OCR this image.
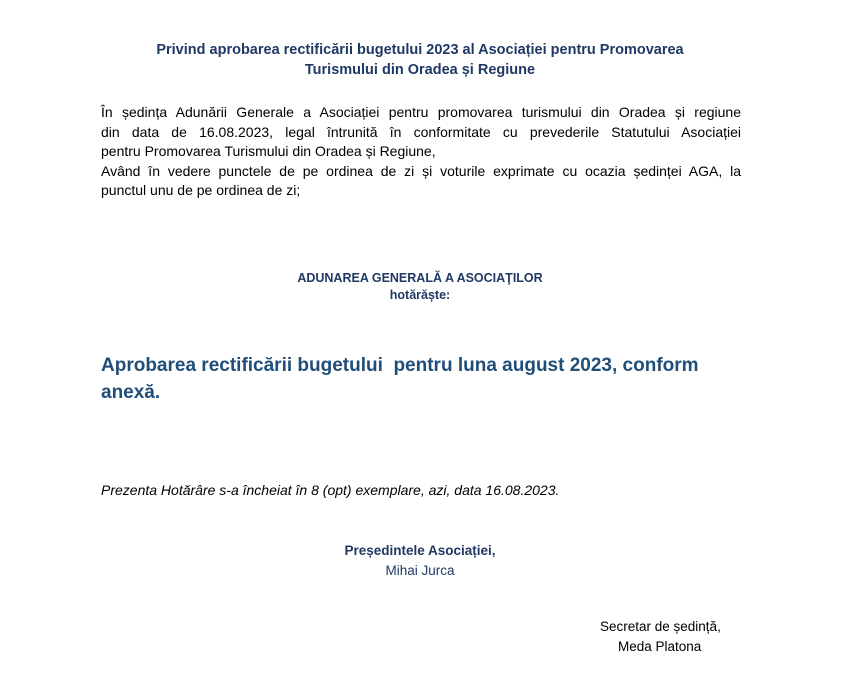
Privind aprobarea rectificării bugetului 2023 al Asociației pentru Promovarea
Turismului din Oradea și Regiune
În ședința Adunării Generale a Asociației pentru promovarea turismului din Oradea și regiune
din data de 16.08.2023, legal întrunită în conformitate cu prevederile Statutului Asociației
pentru Promovarea Turismului din Oradea și Regiune,
Având în vedere punctele de pe ordinea de zi și voturile exprimate cu ocazia ședinței AGA, la
punctul unu de pe ordinea de zi;
ADUNAREA GENERALĂ A ASOCIAŢILOR
hotărăște:
Aprobarea rectificării bugetului  pentru luna august 2023, conform
anexă.
Prezenta Hotărâre s-a încheiat în 8 (opt) exemplare, azi, data 16.08.2023.
Președintele Asociației,
Mihai Jurca
Secretar de ședință,
Meda Platona
